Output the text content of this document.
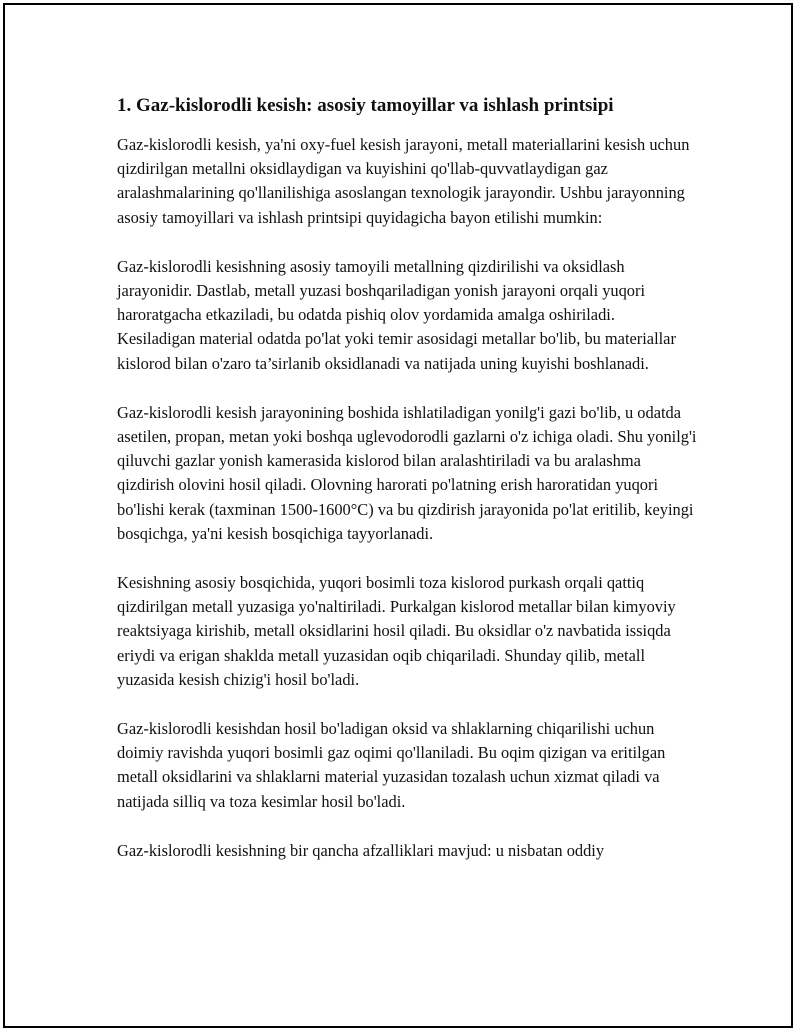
1. Gaz-kislorodli kesish: asosiy tamoyillar va ishlash printsipi

Gaz-kislorodli kesish, ya'ni oxy-fuel kesish jarayoni, metall materiallarini kesish uchun qizdirilgan metallni oksidlaydigan va kuyishini qo'llab-quvvatlaydigan gaz aralashmalarining qo'llanilishiga asoslangan texnologik jarayondir. Ushbu jarayonning asosiy tamoyillari va ishlash printsipi quyidagicha bayon etilishi mumkin:

Gaz-kislorodli kesishning asosiy tamoyili metallning qizdirilishi va oksidlash jarayonidir. Dastlab, metall yuzasi boshqariladigan yonish jarayoni orqali yuqori haroratgacha etkaziladi, bu odatda pishiq olov yordamida amalga oshiriladi. Kesiladigan material odatda po'lat yoki temir asosidagi metallar bo'lib, bu materiallar kislorod bilan o'zaro ta’sirlanib oksidlanadi va natijada uning kuyishi boshlanadi.

Gaz-kislorodli kesish jarayonining boshida ishlatiladigan yonilg'i gazi bo'lib, u odatda asetilen, propan, metan yoki boshqa uglevodorodli gazlarni o'z ichiga oladi. Shu yonilg'i qiluvchi gazlar yonish kamerasida kislorod bilan aralashtiriladi va bu aralashma qizdirish olovini hosil qiladi. Olovning harorati po'latning erish haroratidan yuqori bo'lishi kerak (taxminan 1500-1600°C) va bu qizdirish jarayonida po'lat eritilib, keyingi bosqichga, ya'ni kesish bosqichiga tayyorlanadi.

Kesishning asosiy bosqichida, yuqori bosimli toza kislorod purkash orqali qattiq qizdirilgan metall yuzasiga yo'naltiriladi. Purkalgan kislorod metallar bilan kimyoviy reaktsiyaga kirishib, metall oksidlarini hosil qiladi. Bu oksidlar o'z navbatida issiqda eriydi va erigan shaklda metall yuzasidan oqib chiqariladi. Shunday qilib, metall yuzasida kesish chizig'i hosil bo'ladi.

Gaz-kislorodli kesishdan hosil bo'ladigan oksid va shlaklarning chiqarilishi uchun doimiy ravishda yuqori bosimli gaz oqimi qo'llaniladi. Bu oqim qizigan va eritilgan metall oksidlarini va shlaklarni material yuzasidan tozalash uchun xizmat qiladi va natijada silliq va toza kesimlar hosil bo'ladi.

Gaz-kislorodli kesishning bir qancha afzalliklari mavjud: u nisbatan oddiy
